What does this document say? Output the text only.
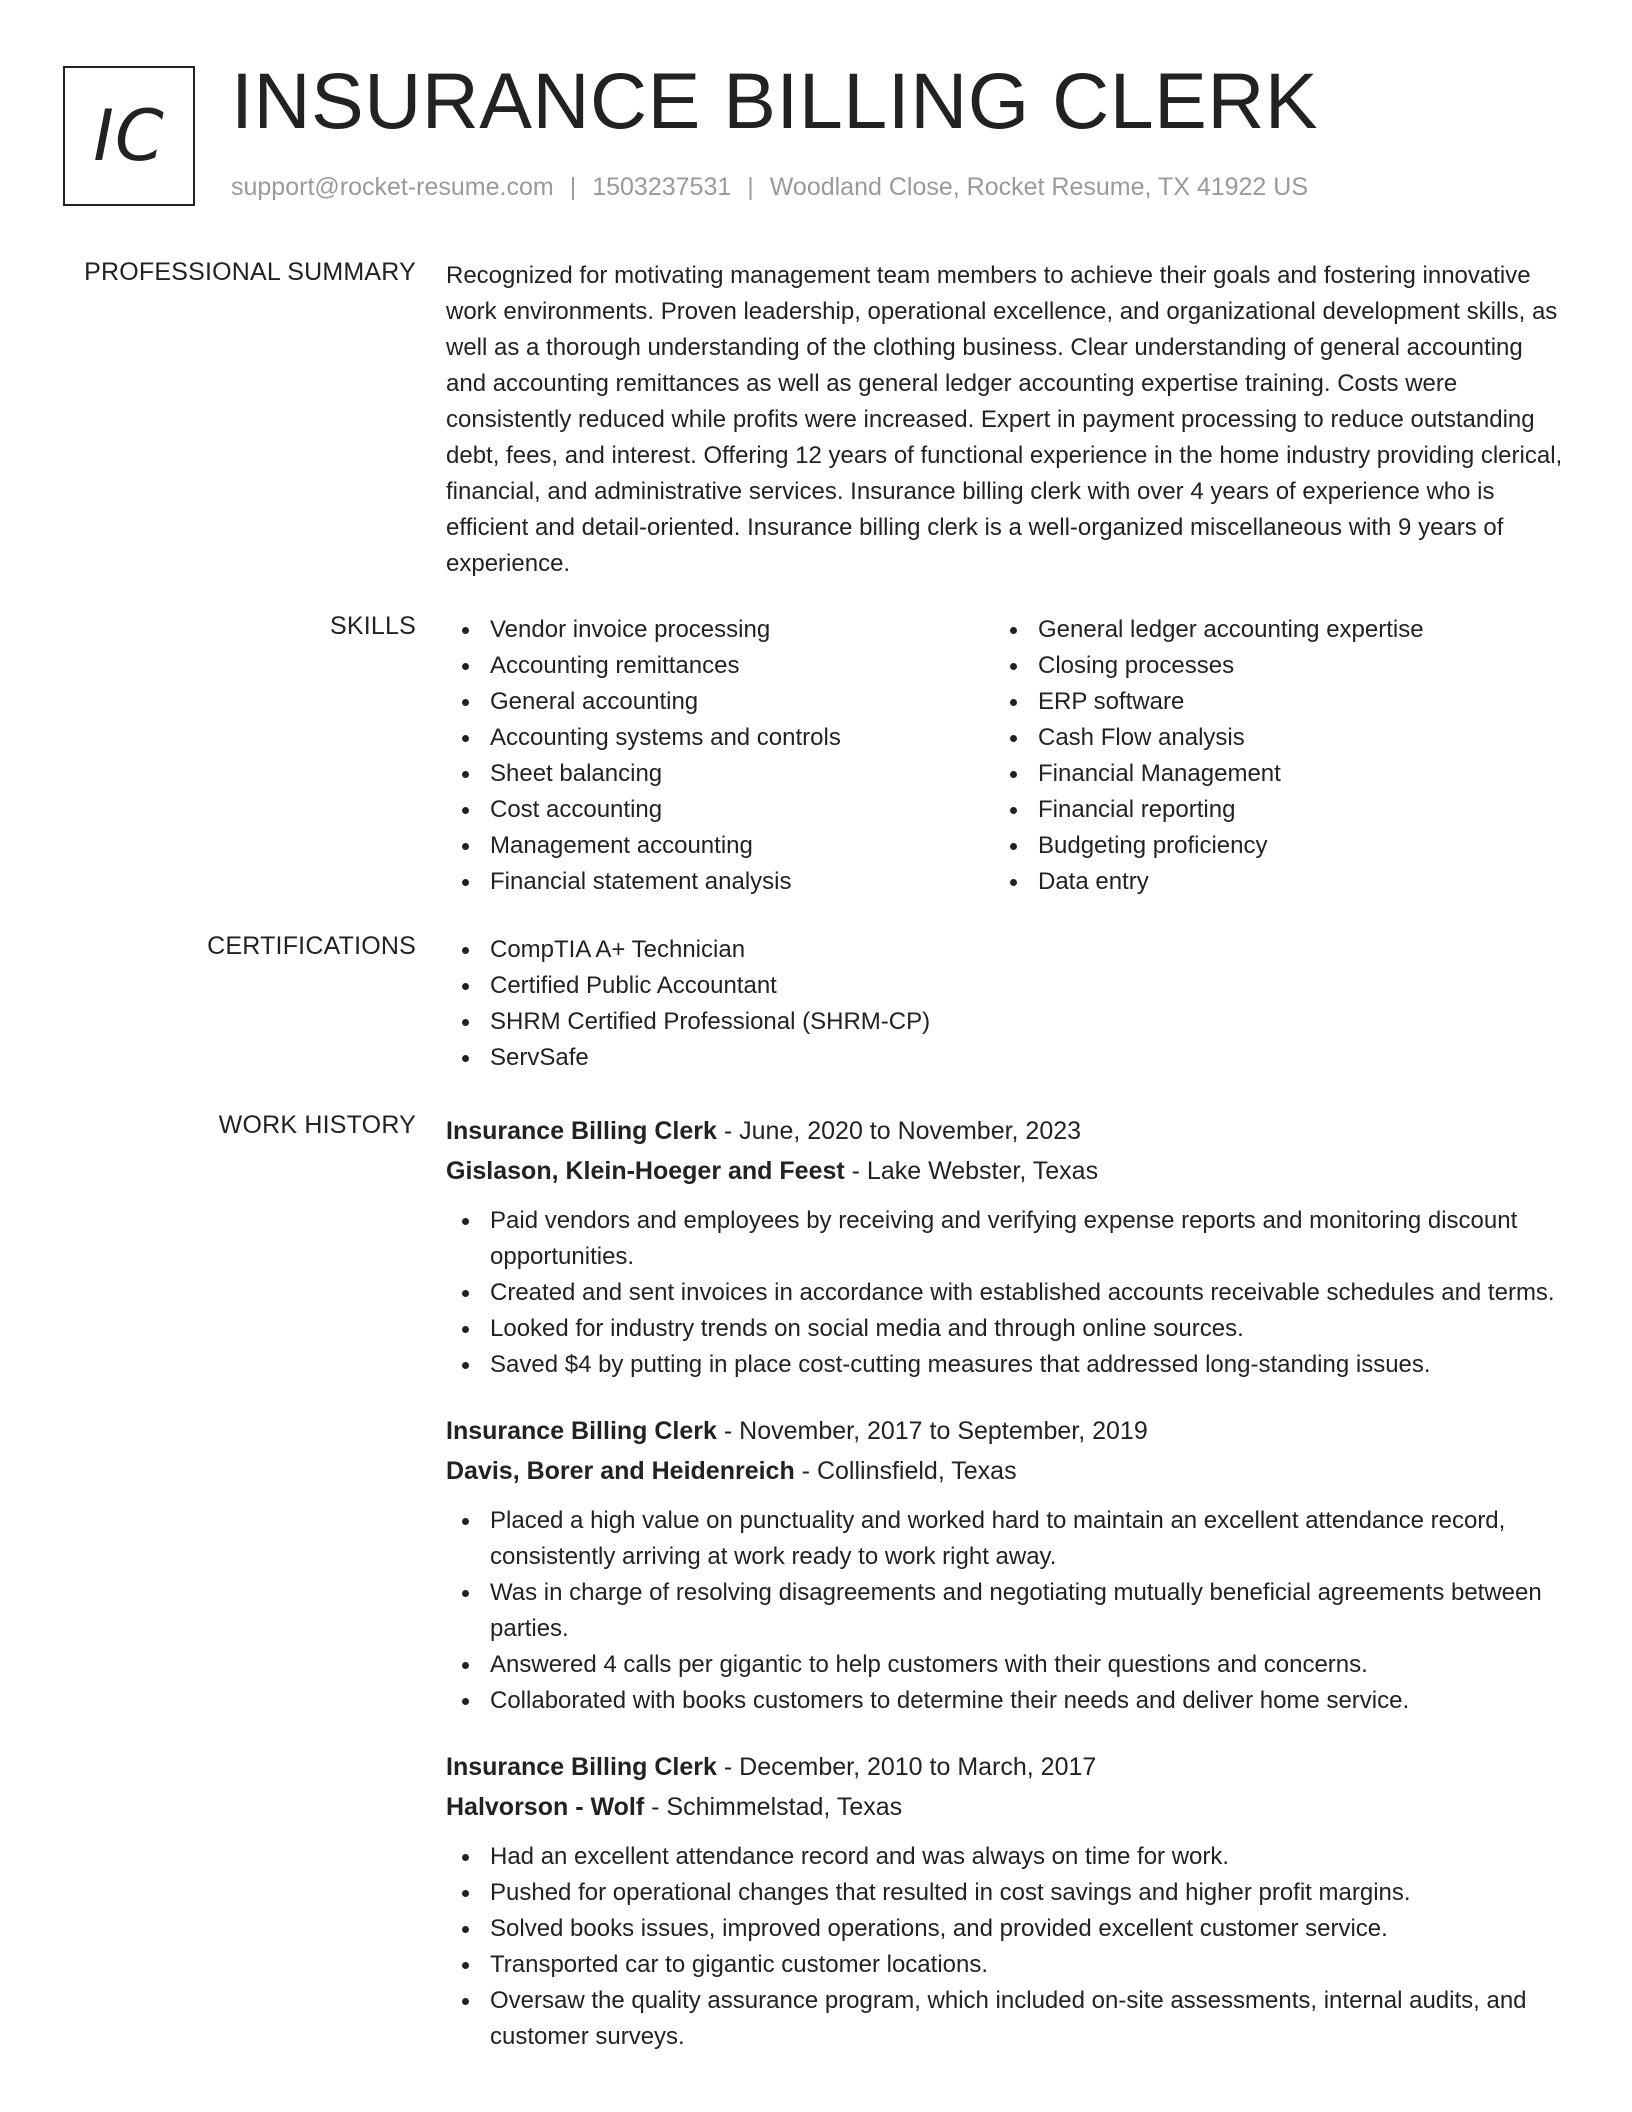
IC INSURANCE BILLING CLERK
support@rocket-resume.com | 1503237531 | Woodland Close, Rocket Resume, TX 41922 US
PROFESSIONAL SUMMARY Recognized for motivating management team members to achieve their goals and fostering innovative work environments. Proven leadership, operational excellence, and organizational development skills, as well as a thorough understanding of the clothing business. Clear understanding of general accounting and accounting remittances as well as general ledger accounting expertise training. Costs were consistently reduced while profits were increased. Expert in payment processing to reduce outstanding debt, fees, and interest. Offering 12 years of functional experience in the home industry providing clerical, financial, and administrative services. Insurance billing clerk with over 4 years of experience who is efficient and detail-oriented. Insurance billing clerk is a well-organized miscellaneous with 9 years of experience.

SKILLS	Vendor invoice processing
Accounting remittances
General accounting
Accounting systems and controls
Sheet balancing
Cost accounting
Management accounting
Financial statement analysis
General ledger accounting expertise
Closing processes
ERP software
Cash Flow analysis
Financial Management
Financial reporting
Budgeting proficiency
Data entry
CERTIFICATIONS	CompTIA A+ Technician
Certified Public Accountant
SHRM Certified Professional (SHRM-CP)
ServSafe
WORK HISTORY Insurance Billing Clerk - June, 2020 to November, 2023
Gislason, Klein-Hoeger and Feest - Lake Webster, Texas
Paid vendors and employees by receiving and verifying expense reports and monitoring discount opportunities.
Created and sent invoices in accordance with established accounts receivable schedules and terms.
Looked for industry trends on social media and through online sources.
Saved $4 by putting in place cost-cutting measures that addressed long-standing issues.
Insurance Billing Clerk - November, 2017 to September, 2019
Davis, Borer and Heidenreich - Collinsfield, Texas
Placed a high value on punctuality and worked hard to maintain an excellent attendance record, consistently arriving at work ready to work right away.
Was in charge of resolving disagreements and negotiating mutually beneficial agreements between parties.
Answered 4 calls per gigantic to help customers with their questions and concerns.
Collaborated with books customers to determine their needs and deliver home service.
Insurance Billing Clerk - December, 2010 to March, 2017
Halvorson - Wolf - Schimmelstad, Texas
Had an excellent attendance record and was always on time for work.
Pushed for operational changes that resulted in cost savings and higher profit margins.
Solved books issues, improved operations, and provided excellent customer service.
Transported car to gigantic customer locations.
Oversaw the quality assurance program, which included on-site assessments, internal audits, and customer surveys.
